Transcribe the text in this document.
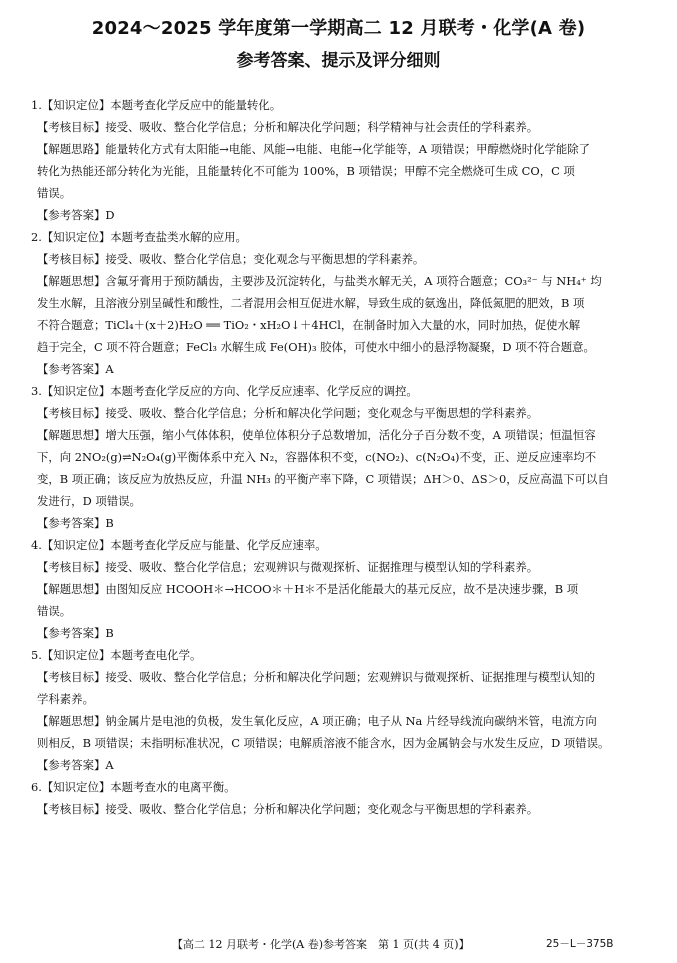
2024～2025 学年度第一学期高二 12 月联考・化学(A 卷)
参考答案、提示及评分细则
1.【知识定位】本题考查化学反应中的能量转化。
【考核目标】接受、吸收、整合化学信息；分析和解决化学问题；科学精神与社会责任的学科素养。
【解题思路】能量转化方式有太阳能→电能、风能→电能、电能→化学能等，A 项错误；甲醇燃烧时化学能除了
转化为热能还部分转化为光能，且能量转化不可能为 100%，B 项错误；甲醇不完全燃烧可生成 CO，C 项
错误。
【参考答案】D
2.【知识定位】本题考查盐类水解的应用。
【考核目标】接受、吸收、整合化学信息；变化观念与平衡思想的学科素养。
【解题思想】含氟牙膏用于预防龋齿，主要涉及沉淀转化，与盐类水解无关，A 项符合题意；CO₃²⁻ 与 NH₄⁺ 均
发生水解，且溶液分别呈碱性和酸性，二者混用会相互促进水解，导致生成的氨逸出，降低氮肥的肥效，B 项
不符合题意；TiCl₄＋(x＋2)H₂O ══ TiO₂・xH₂O↓＋4HCl，在制备时加入大量的水，同时加热，促使水解
趋于完全，C 项不符合题意；FeCl₃ 水解生成 Fe(OH)₃ 胶体，可使水中细小的悬浮物凝聚，D 项不符合题意。
【参考答案】A
3.【知识定位】本题考查化学反应的方向、化学反应速率、化学反应的调控。
【考核目标】接受、吸收、整合化学信息；分析和解决化学问题；变化观念与平衡思想的学科素养。
【解题思想】增大压强，缩小气体体积，使单位体积分子总数增加，活化分子百分数不变，A 项错误；恒温恒容
下，向 2NO₂(g)⇌N₂O₄(g)平衡体系中充入 N₂，容器体积不变，c(NO₂)、c(N₂O₄)不变，正、逆反应速率均不
变，B 项正确；该反应为放热反应，升温 NH₃ 的平衡产率下降，C 项错误；ΔH＞0、ΔS＞0，反应高温下可以自
发进行，D 项错误。
【参考答案】B
4.【知识定位】本题考查化学反应与能量、化学反应速率。
【考核目标】接受、吸收、整合化学信息；宏观辨识与微观探析、证据推理与模型认知的学科素养。
【解题思想】由图知反应 HCOOH＊→HCOO＊＋H＊不是活化能最大的基元反应，故不是决速步骤，B 项
错误。
【参考答案】B
5.【知识定位】本题考查电化学。
【考核目标】接受、吸收、整合化学信息；分析和解决化学问题；宏观辨识与微观探析、证据推理与模型认知的
学科素养。
【解题思想】钠金属片是电池的负极，发生氧化反应，A 项正确；电子从 Na 片经导线流向碳纳米管，电流方向
则相反，B 项错误；未指明标准状况，C 项错误；电解质溶液不能含水，因为金属钠会与水发生反应，D 项错误。
【参考答案】A
6.【知识定位】本题考查水的电离平衡。
【考核目标】接受、吸收、整合化学信息；分析和解决化学问题；变化观念与平衡思想的学科素养。
【高二 12 月联考・化学(A 卷)参考答案　第 1 页(共 4 页)】	25－L－375B
